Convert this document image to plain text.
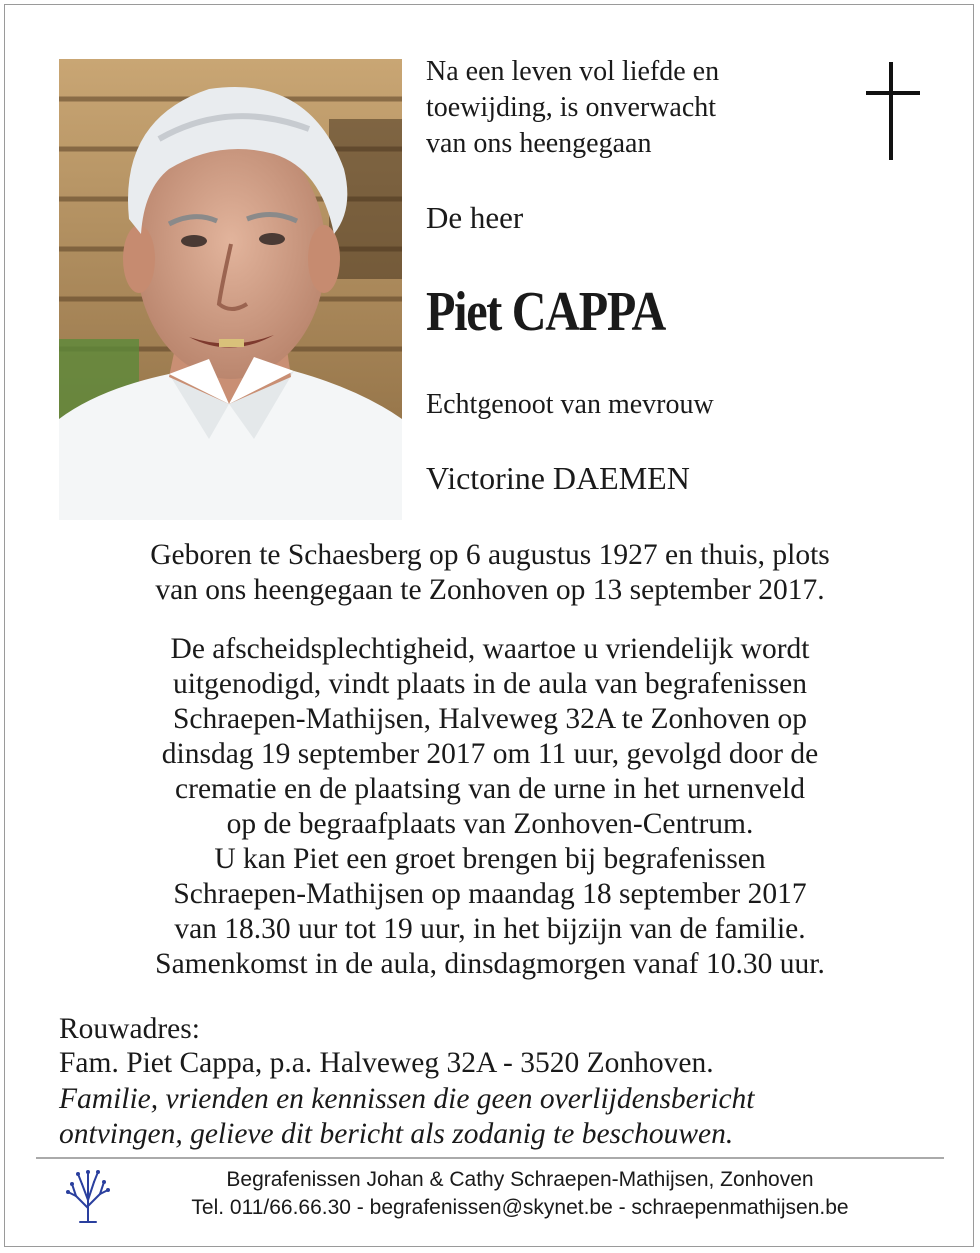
Na een leven vol liefde en
toewijding, is onverwacht
van ons heengegaan
De heer
Piet CAPPA
Echtgenoot van mevrouw
Victorine DAEMEN
Geboren te Schaesberg op 6 augustus 1927 en thuis, plots
van ons heengegaan te Zonhoven op 13 september 2017.
De afscheidsplechtigheid, waartoe u vriendelijk wordt
uitgenodigd, vindt plaats in de aula van begrafenissen
Schraepen-Mathijsen, Halveweg 32A te Zonhoven op
dinsdag 19 september 2017 om 11 uur, gevolgd door de
crematie en de plaatsing van de urne in het urnenveld
op de begraafplaats van Zonhoven-Centrum.
U kan Piet een groet brengen bij begrafenissen
Schraepen-Mathijsen op maandag 18 september 2017
van 18.30 uur tot 19 uur, in het bijzijn van de familie.
Samenkomst in de aula, dinsdagmorgen vanaf 10.30 uur.
Rouwadres:
Fam. Piet Cappa, p.a. Halveweg 32A - 3520 Zonhoven.
Familie, vrienden en kennissen die geen overlijdensbericht
ontvingen, gelieve dit bericht als zodanig te beschouwen.
Begrafenissen Johan & Cathy Schraepen-Mathijsen, Zonhoven
Tel. 011/66.66.30 - begrafenissen@skynet.be - schraepenmathijsen.be
